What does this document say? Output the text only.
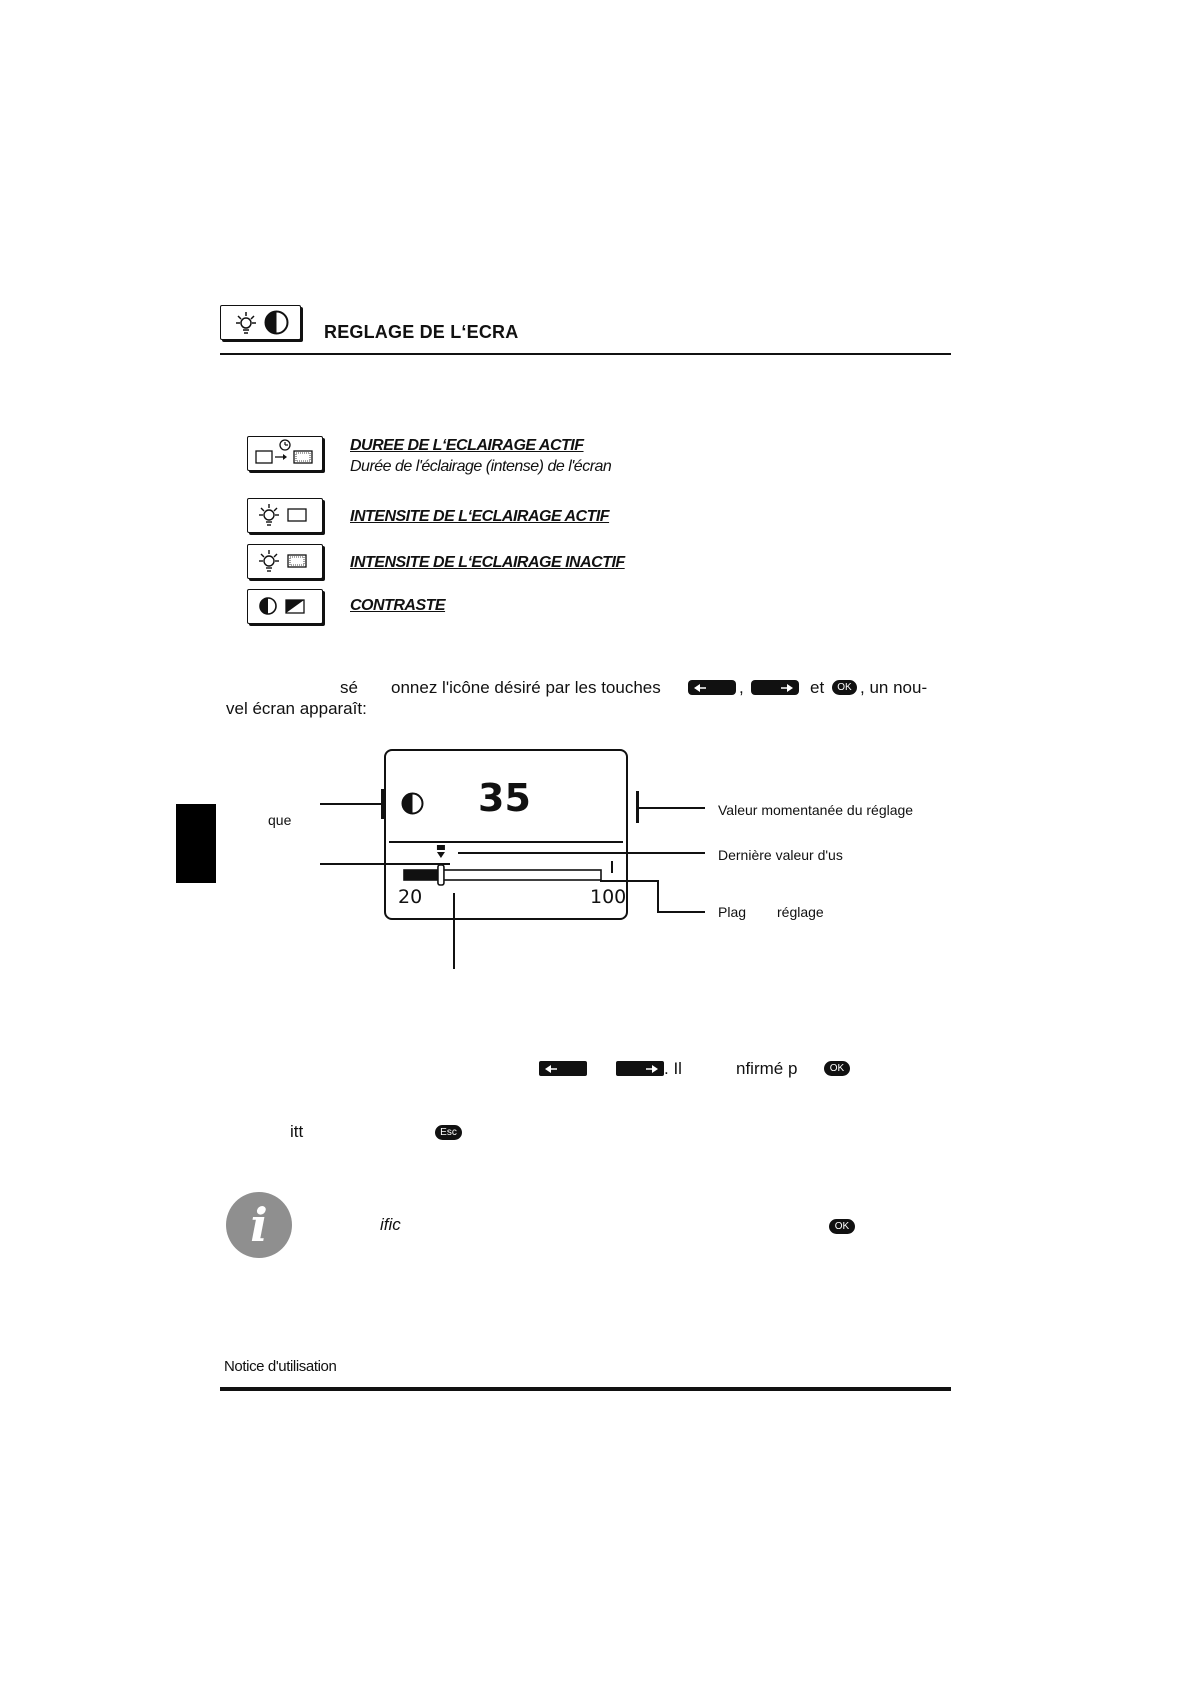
REGLAGE DE L‘ECRA
DUREE DE L‘ECLAIRAGE ACTIF
Durée de l'éclairage (intense) de l'écran
INTENSITE DE L‘ECLAIRAGE ACTIF
INTENSITE DE L‘ECLAIRAGE INACTIF
CONTRASTE
sé onnez l'icône désiré par les touches	,	et	OK , un nou-
vel écran apparaît:
35
20	100
que
Valeur momentanée du réglage
Dernière valeur d'us
Plag réglage
. Il	nfirmé p	OK
itt	Esc
i	ific	OK
Notice d'utilisation
